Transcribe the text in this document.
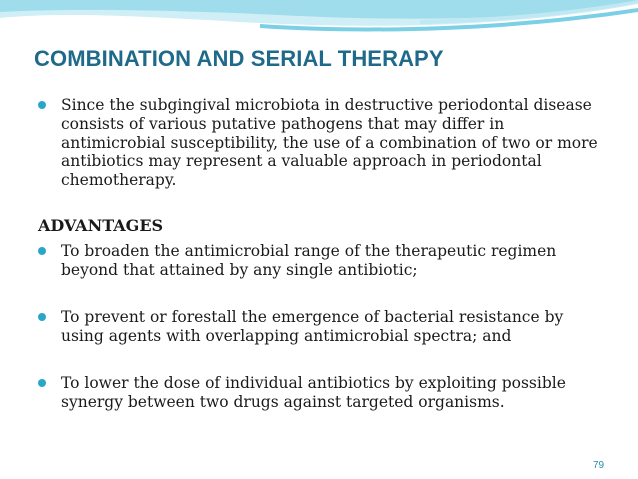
COMBINATION AND SERIAL THERAPY
Since the subgingival microbiota in destructive periodontal disease consists of various putative pathogens that may differ in antimicrobial susceptibility, the use of a combination of two or more antibiotics may represent a valuable approach in periodontal chemotherapy.
ADVANTAGES
To broaden the antimicrobial range of the therapeutic regimen beyond that attained by any single antibiotic;
To prevent or forestall the emergence of bacterial resistance by using agents with overlapping antimicrobial spectra; and
To lower the dose of individual antibiotics by exploiting possible synergy between two drugs against targeted organisms.
79
